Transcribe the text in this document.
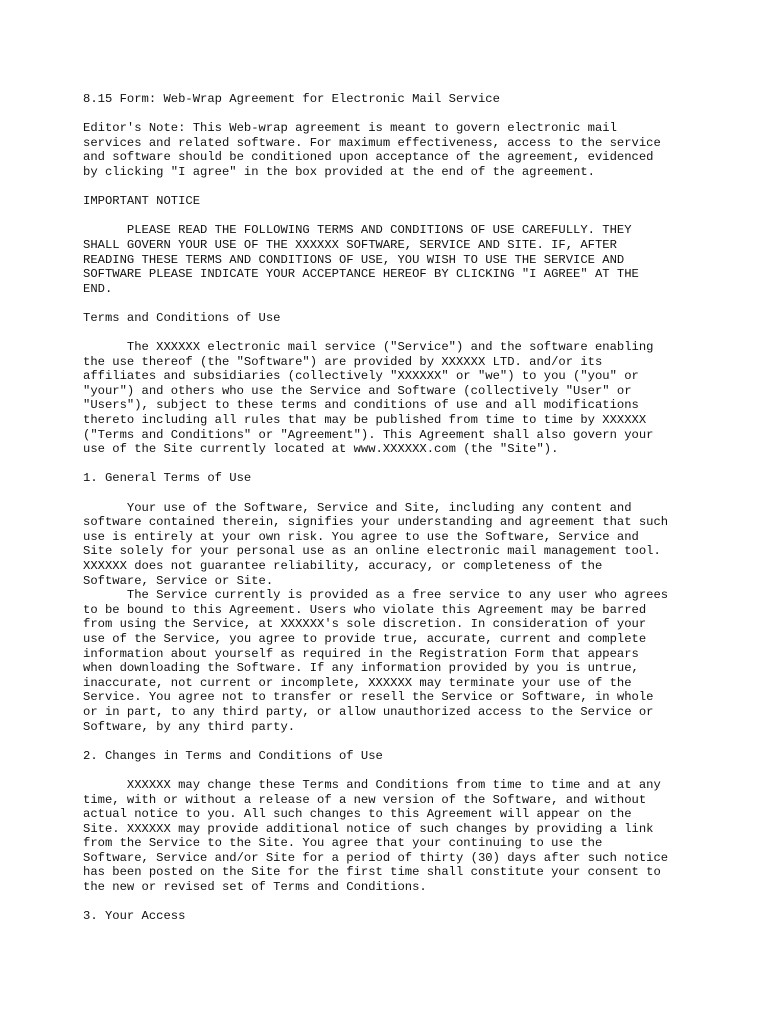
8.15 Form: Web-Wrap Agreement for Electronic Mail Service
Editor's Note: This Web-wrap agreement is meant to govern electronic mail
services and related software. For maximum effectiveness, access to the service
and software should be conditioned upon acceptance of the agreement, evidenced
by clicking "I agree" in the box provided at the end of the agreement.
IMPORTANT NOTICE
PLEASE READ THE FOLLOWING TERMS AND CONDITIONS OF USE CAREFULLY. THEY
SHALL GOVERN YOUR USE OF THE XXXXXX SOFTWARE, SERVICE AND SITE. IF, AFTER
READING THESE TERMS AND CONDITIONS OF USE, YOU WISH TO USE THE SERVICE AND
SOFTWARE PLEASE INDICATE YOUR ACCEPTANCE HEREOF BY CLICKING "I AGREE" AT THE
END.
Terms and Conditions of Use
The XXXXXX electronic mail service ("Service") and the software enabling
the use thereof (the "Software") are provided by XXXXXX LTD. and/or its
affiliates and subsidiaries (collectively "XXXXXX" or "we") to you ("you" or
"your") and others who use the Service and Software (collectively "User" or
"Users"), subject to these terms and conditions of use and all modifications
thereto including all rules that may be published from time to time by XXXXXX
("Terms and Conditions" or "Agreement"). This Agreement shall also govern your
use of the Site currently located at www.XXXXXX.com (the "Site").
1. General Terms of Use
Your use of the Software, Service and Site, including any content and
software contained therein, signifies your understanding and agreement that such
use is entirely at your own risk. You agree to use the Software, Service and
Site solely for your personal use as an online electronic mail management tool.
XXXXXX does not guarantee reliability, accuracy, or completeness of the
Software, Service or Site.
The Service currently is provided as a free service to any user who agrees
to be bound to this Agreement. Users who violate this Agreement may be barred
from using the Service, at XXXXXX's sole discretion. In consideration of your
use of the Service, you agree to provide true, accurate, current and complete
information about yourself as required in the Registration Form that appears
when downloading the Software. If any information provided by you is untrue,
inaccurate, not current or incomplete, XXXXXX may terminate your use of the
Service. You agree not to transfer or resell the Service or Software, in whole
or in part, to any third party, or allow unauthorized access to the Service or
Software, by any third party.
2. Changes in Terms and Conditions of Use
XXXXXX may change these Terms and Conditions from time to time and at any
time, with or without a release of a new version of the Software, and without
actual notice to you. All such changes to this Agreement will appear on the
Site. XXXXXX may provide additional notice of such changes by providing a link
from the Service to the Site. You agree that your continuing to use the
Software, Service and/or Site for a period of thirty (30) days after such notice
has been posted on the Site for the first time shall constitute your consent to
the new or revised set of Terms and Conditions.
3. Your Access
